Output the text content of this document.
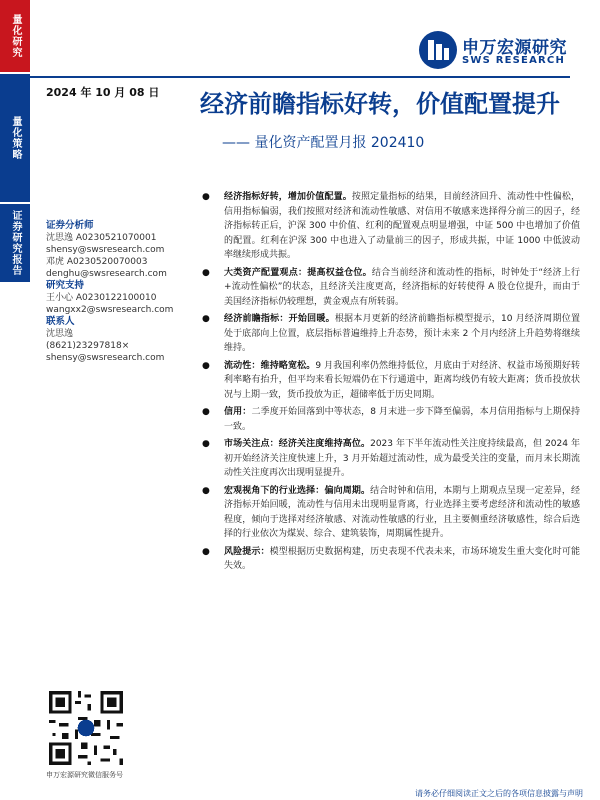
量化研究
量化策略
证券研究报告
申万宏源研究
SWS RESEARCH
2024 年 10 月 08 日 经济前瞻指标好转，价值配置提升
—— 量化资产配置月报 202410
证券分析师
沈思逸 A0230521070001
shensy@swsresearch.com
邓虎 A0230520070003
denghu@swsresearch.com
研究支持
王小心 A0230122100010
wangxx2@swsresearch.com
联系人
沈思逸
(8621)23297818×
shensy@swsresearch.com
● 经济指标好转，增加价值配置。按照定量指标的结果，目前经济回升、流动性中性偏松，信用指标偏弱，我们按照对经济和流动性敏感、对信用不敏感来选择得分前三的因子，经济指标转正后，沪深 300 中价值、红利的配置观点明显增强，中证 500 中也增加了价值的配置。红利在沪深 300 中也进入了动量前三的因子，形成共振，中证 1000 中低波动率继续形成共振。
● 大类资产配置观点：提高权益仓位。结合当前经济和流动性的指标，时钟处于“经济上行+流动性偏松”的状态，且经济关注度更高，经济指标的好转使得 A 股仓位提升，而由于美国经济指标仍较理想，黄金观点有所转弱。
● 经济前瞻指标：开始回暖。根据本月更新的经济前瞻指标模型提示，10 月经济周期位置处于底部向上位置，底层指标普遍维持上升态势，预计未来 2 个月内经济上升趋势将继续维持。
● 流动性：维持略宽松。9 月我国利率仍然维持低位，月底由于对经济、权益市场预期好转利率略有抬升，但平均来看长短端仍在下行通道中，距离均线仍有较大距离；货币投放状况与上期一致，货币投放为正，超储率低于历史同期。
● 信用：二季度开始回落到中等状态，8 月末进一步下降至偏弱，本月信用指标与上期保持一致。
● 市场关注点：经济关注度维持高位。2023 年下半年流动性关注度持续最高，但 2024 年初开始经济关注度快速上升，3 月开始超过流动性，成为最受关注的变量，而月末长期流动性关注度再次出现明显提升。
● 宏观视角下的行业选择：偏向周期。结合时钟和信用，本期与上期观点呈现一定差异，经济指标开始回暖，流动性与信用未出现明显背离，行业选择主要考虑经济和流动性的敏感程度，倾向于选择对经济敏感、对流动性敏感的行业，且主要侧重经济敏感性，综合后选择的行业依次为煤炭、综合、建筑装饰，周期属性提升。
● 风险提示：模型根据历史数据构建，历史表现不代表未来，市场环境发生重大变化时可能失效。
申万宏源研究微信服务号
请务必仔细阅读正文之后的各项信息披露与声明
